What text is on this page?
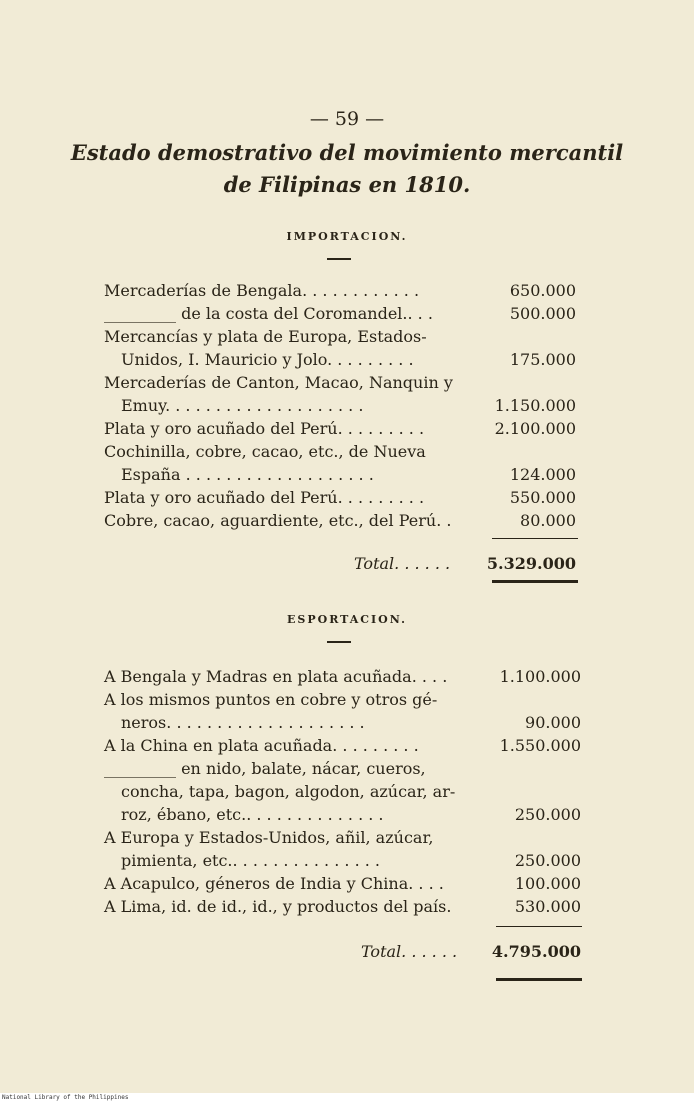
— 59 —
Estado demostrativo del movimiento mercantil
de Filipinas en 1810.
IMPORTACION.
Mercaderías de Bengala. . . . . . . . . . . .	650.000
_________ de la costa del Coromandel.. . .	500.000
Mercancías y plata de Europa, Estados-
Unidos, I. Mauricio y Jolo. . . . . . . . .	175.000
Mercaderías de Canton, Macao, Nanquin y
Emuy. . . . . . . . . . . . . . . . . . . .	1.150.000
Plata y oro acuñado del Perú. . . . . . . . .	2.100.000
Cochinilla, cobre, cacao, etc., de Nueva
España . . . . . . . . . . . . . . . . . . .	124.000
Plata y oro acuñado del Perú. . . . . . . . .	550.000
Cobre, cacao, aguardiente, etc., del Perú. .	80.000
Total. . . . . . 5.329.000
ESPORTACION.
A Bengala y Madras en plata acuñada. . . .	1.100.000
A los mismos puntos en cobre y otros gé-
neros. . . . . . . . . . . . . . . . . . . .	90.000
A la China en plata acuñada. . . . . . . . .	1.550.000
_________ en nido, balate, nácar, cueros,
concha, tapa, bagon, algodon, azúcar, ar-
roz, ébano, etc.. . . . . . . . . . . . . .	250.000
A Europa y Estados-Unidos, añil, azúcar,
pimienta, etc.. . . . . . . . . . . . . . .	250.000
A Acapulco, géneros de India y China. . . .	100.000
A Lima, id. de id., id., y productos del país.	530.000
Total. . . . . . 4.795.000
National Library of the Philippines
